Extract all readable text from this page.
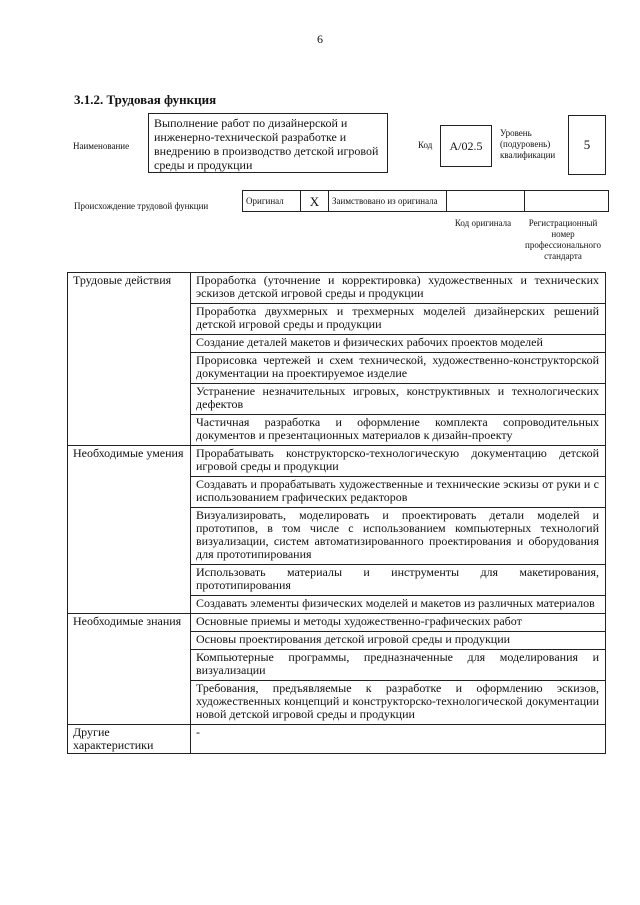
6
3.1.2. Трудовая функция
Наименование
Выполнение работ по дизайнерской и инженерно-технической разработке и внедрению в производство детской игровой среды и продукции
Код	A/02.5
Уровень (подуровень) квалификации
5
Происхождение трудовой функции
Оригинал	X	Заимствовано из оригинала		
Код оригинала	Регистрационный номер профессионального стандарта
Трудовые действия	Проработка (уточнение и корректировка) художественных и технических эскизов детской игровой среды и продукции
	Проработка двухмерных и трехмерных моделей дизайнерских решений детской игровой среды и продукции
	Создание деталей макетов и физических рабочих проектов моделей
	Прорисовка чертежей и схем технической, художественно-конструкторской документации на проектируемое изделие
	Устранение незначительных игровых, конструктивных и технологических дефектов
	Частичная разработка и оформление комплекта сопроводительных документов и презентационных материалов к дизайн-проекту
Необходимые умения	Прорабатывать конструкторско-технологическую документацию детской игровой среды и продукции
	Создавать и прорабатывать художественные и технические эскизы от руки и с использованием графических редакторов
	Визуализировать, моделировать и проектировать детали моделей и прототипов, в том числе с использованием компьютерных технологий визуализации, систем автоматизированного проектирования и оборудования для прототипирования
	Использовать материалы и инструменты для макетирования, прототипирования
	Создавать элементы физических моделей и макетов из различных материалов
Необходимые знания	Основные приемы и методы художественно-графических работ
	Основы проектирования детской игровой среды и продукции
	Компьютерные программы, предназначенные для моделирования и визуализации
	Требования, предъявляемые к разработке и оформлению эскизов, художественных концепций и конструкторско-технологической документации новой детской игровой среды и продукции
Другие характеристики	-
